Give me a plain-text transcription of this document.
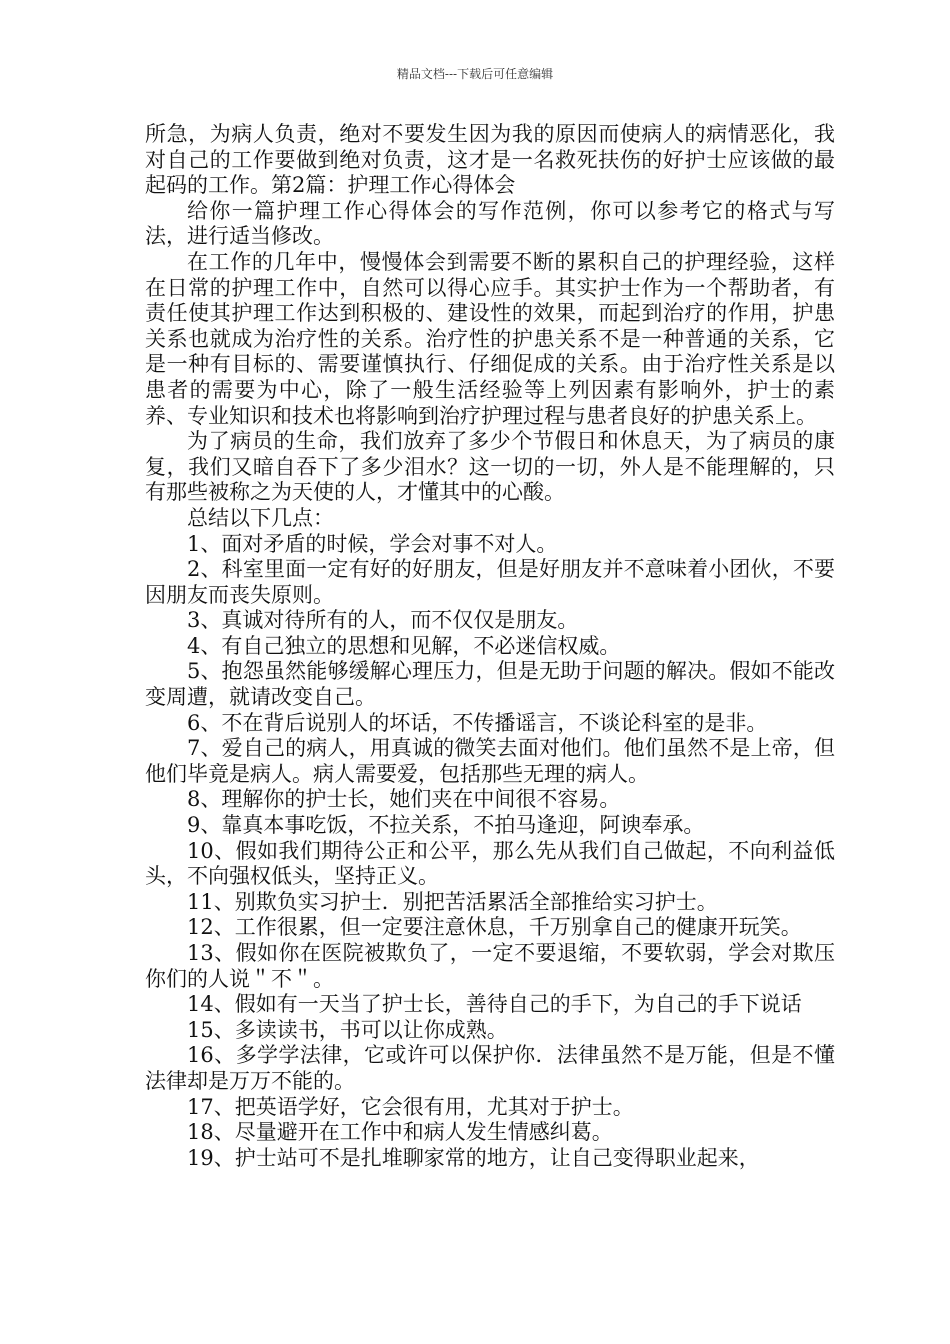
精品文档---下载后可任意编辑

所急，为病人负责，绝对不要发生因为我的原因而使病人的病情恶化，我对自己的工作要做到绝对负责，这才是一名救死扶伤的好护士应该做的最起码的工作。第2篇：护理工作心得体会

给你一篇护理工作心得体会的写作范例，你可以参考它的格式与写法，进行适当修改。

在工作的几年中，慢慢体会到需要不断的累积自己的护理经验，这样在日常的护理工作中，自然可以得心应手。其实护士作为一个帮助者，有责任使其护理工作达到积极的、建设性的效果，而起到治疗的作用，护患关系也就成为治疗性的关系。治疗性的护患关系不是一种普通的关系，它是一种有目标的、需要谨慎执行、仔细促成的关系。由于治疗性关系是以患者的需要为中心，除了一般生活经验等上列因素有影响外，护士的素养、专业知识和技术也将影响到治疗护理过程与患者良好的护患关系上。

为了病员的生命，我们放弃了多少个节假日和休息天，为了病员的康复，我们又暗自吞下了多少泪水？这一切的一切，外人是不能理解的，只有那些被称之为天使的人，才懂其中的心酸。

总结以下几点：

1、面对矛盾的时候，学会对事不对人。

2、科室里面一定有好的好朋友，但是好朋友并不意味着小团伙，不要因朋友而丧失原则。

3、真诚对待所有的人，而不仅仅是朋友。

4、有自己独立的思想和见解，不必迷信权威。

5、抱怨虽然能够缓解心理压力，但是无助于问题的解决。假如不能改变周遭，就请改变自己。

6、不在背后说别人的坏话，不传播谣言，不谈论科室的是非。

7、爱自己的病人，用真诚的微笑去面对他们。他们虽然不是上帝，但他们毕竟是病人。病人需要爱，包括那些无理的病人。

8、理解你的护士长，她们夹在中间很不容易。

9、靠真本事吃饭，不拉关系，不拍马逢迎，阿谀奉承。

10、假如我们期待公正和公平，那么先从我们自己做起，不向利益低头，不向强权低头，坚持正义。

11、别欺负实习护士．别把苦活累活全部推给实习护士。

12、工作很累，但一定要注意休息，千万别拿自己的健康开玩笑。

13、假如你在医院被欺负了，一定不要退缩，不要软弱，学会对欺压你们的人说＂不＂。

14、假如有一天当了护士长，善待自己的手下，为自己的手下说话

15、多读读书，书可以让你成熟。

16、多学学法律，它或许可以保护你．法律虽然不是万能，但是不懂法律却是万万不能的。

17、把英语学好，它会很有用，尤其对于护士。

18、尽量避开在工作中和病人发生情感纠葛。

19、护士站可不是扎堆聊家常的地方，让自己变得职业起来，
